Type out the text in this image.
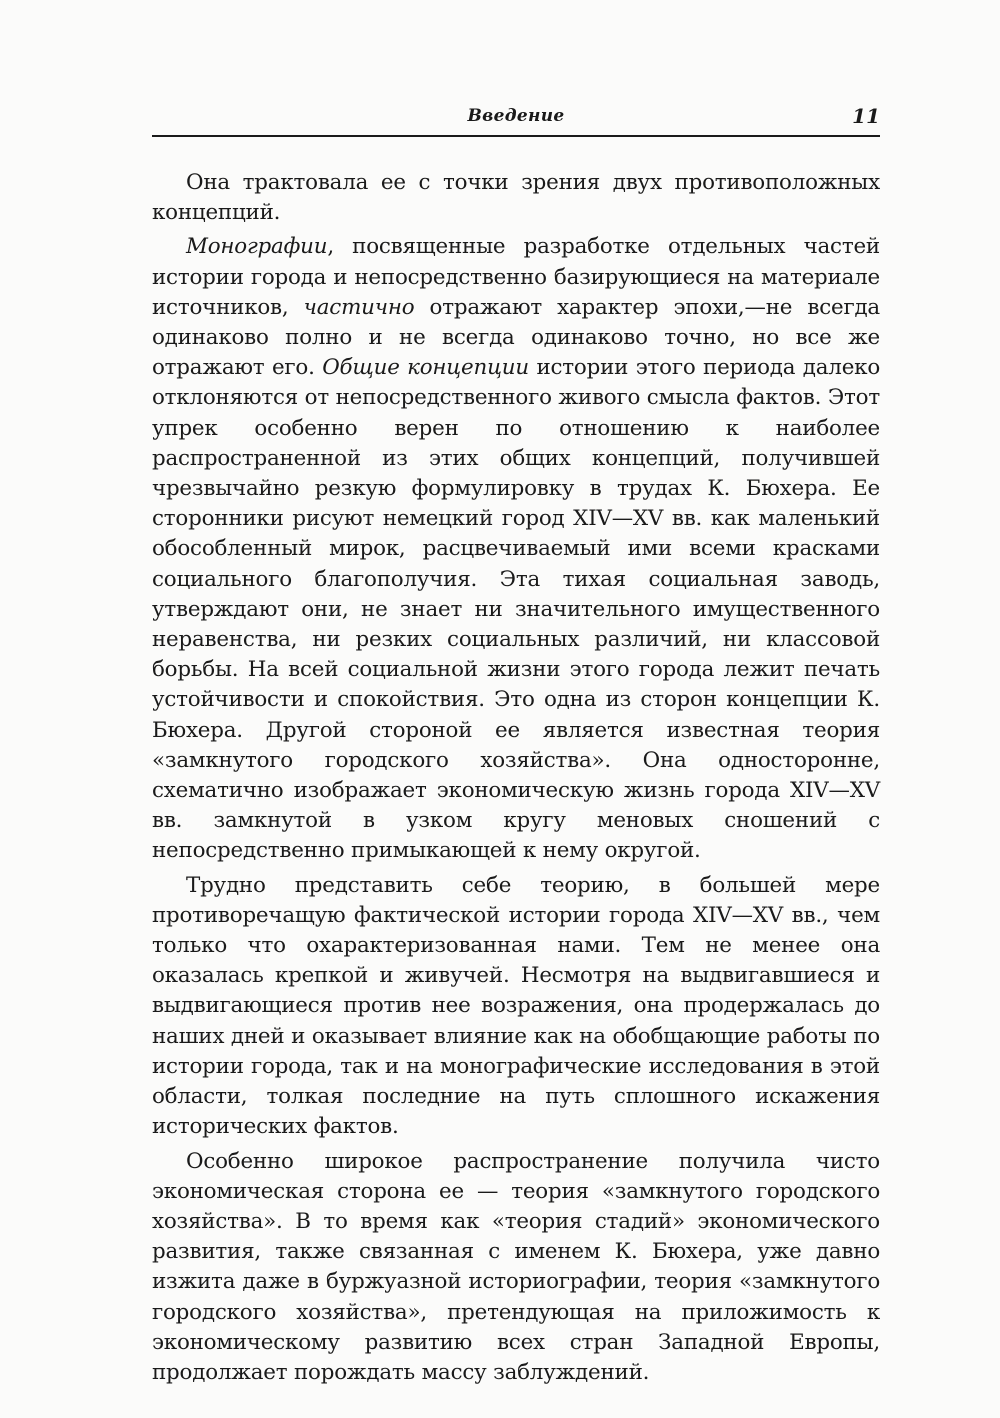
Введение	11

Она трактовала ее с точки зрения двух противоположных концепций.

Монографии, посвященные разработке отдельных частей истории города и непосредственно базирующиеся на материале источников, частично отражают характер эпохи,—не всегда одинаково полно и не всегда одинаково точно, но все же отражают его. Общие концепции истории этого периода далеко отклоняются от непосредственного живого смысла фактов. Этот упрек особенно верен по отношению к наиболее распространенной из этих общих концепций, получившей чрезвычайно резкую формулировку в трудах К. Бюхера. Ее сторонники рисуют немецкий город XIV—XV вв. как маленький обособленный мирок, расцвечиваемый ими всеми красками социального благополучия. Эта тихая социальная заводь, утверждают они, не знает ни значительного имущественного неравенства, ни резких социальных различий, ни классовой борьбы. На всей социальной жизни этого города лежит печать устойчивости и спокойствия. Это одна из сторон концепции К. Бюхера. Другой стороной ее является известная теория «замкнутого городского хозяйства». Она односторонне, схематично изображает экономическую жизнь города XIV—XV вв. замкнутой в узком кругу меновых сношений с непосредственно примыкающей к нему округой.

Трудно представить себе теорию, в большей мере противоречащую фактической истории города XIV—XV вв., чем только что охарактеризованная нами. Тем не менее она оказалась крепкой и живучей. Несмотря на выдвигавшиеся и выдвигающиеся против нее возражения, она продержалась до наших дней и оказывает влияние как на обобщающие работы по истории города, так и на монографические исследования в этой области, толкая последние на путь сплошного искажения исторических фактов.

Особенно широкое распространение получила чисто экономическая сторона ее — теория «замкнутого городского хозяйства». В то время как «теория стадий» экономического развития, также связанная с именем К. Бюхера, уже давно изжита даже в буржуазной историографии, теория «замкнутого городского хозяйства», претендующая на приложимость к экономическому развитию всех стран Западной Европы, продолжает порождать массу заблуждений.
